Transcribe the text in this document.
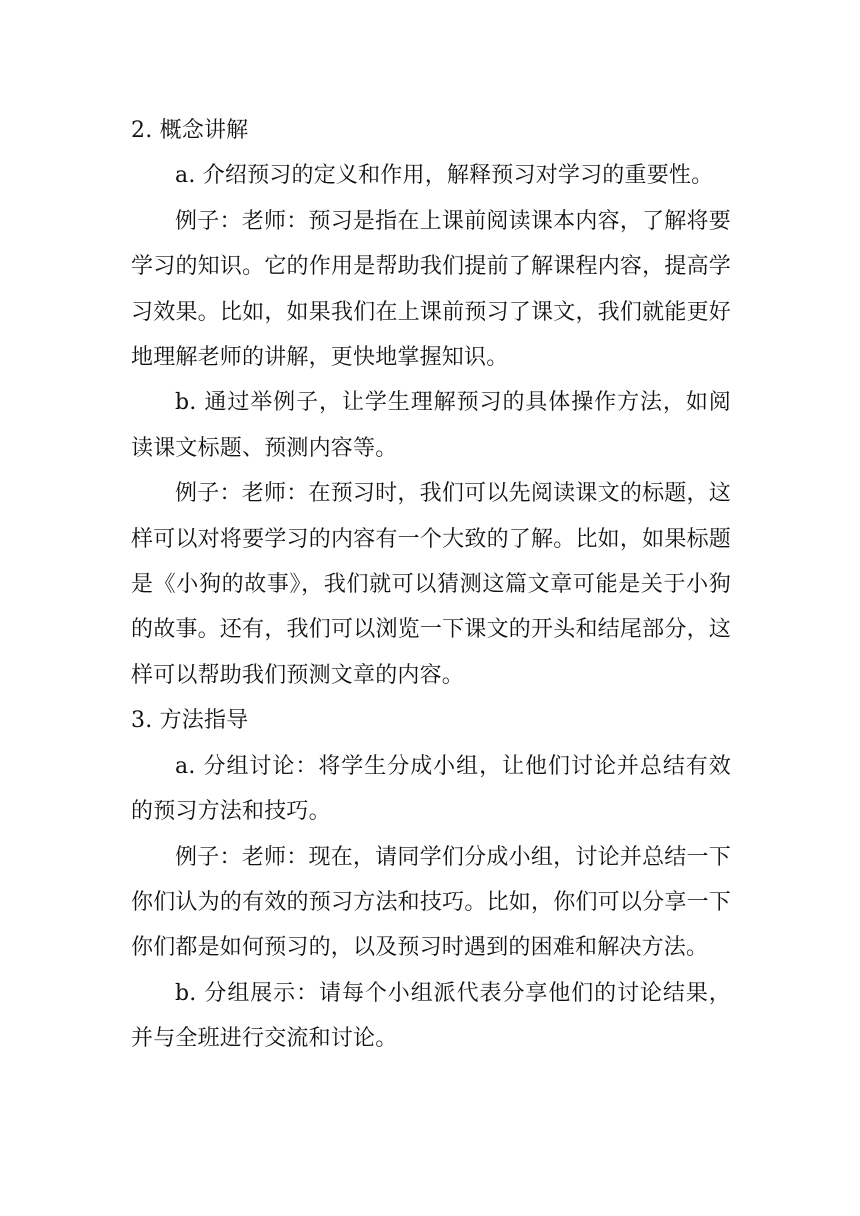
2. 概念讲解

a. 介绍预习的定义和作用，解释预习对学习的重要性。

例子：老师：预习是指在上课前阅读课本内容，了解将要学习的知识。它的作用是帮助我们提前了解课程内容，提高学习效果。比如，如果我们在上课前预习了课文，我们就能更好地理解老师的讲解，更快地掌握知识。

b. 通过举例子，让学生理解预习的具体操作方法，如阅读课文标题、预测内容等。

例子：老师：在预习时，我们可以先阅读课文的标题，这样可以对将要学习的内容有一个大致的了解。比如，如果标题是《小狗的故事》，我们就可以猜测这篇文章可能是关于小狗的故事。还有，我们可以浏览一下课文的开头和结尾部分，这样可以帮助我们预测文章的内容。

3. 方法指导

a. 分组讨论：将学生分成小组，让他们讨论并总结有效的预习方法和技巧。

例子：老师：现在，请同学们分成小组，讨论并总结一下你们认为的有效的预习方法和技巧。比如，你们可以分享一下你们都是如何预习的，以及预习时遇到的困难和解决方法。

b. 分组展示：请每个小组派代表分享他们的讨论结果，并与全班进行交流和讨论。
